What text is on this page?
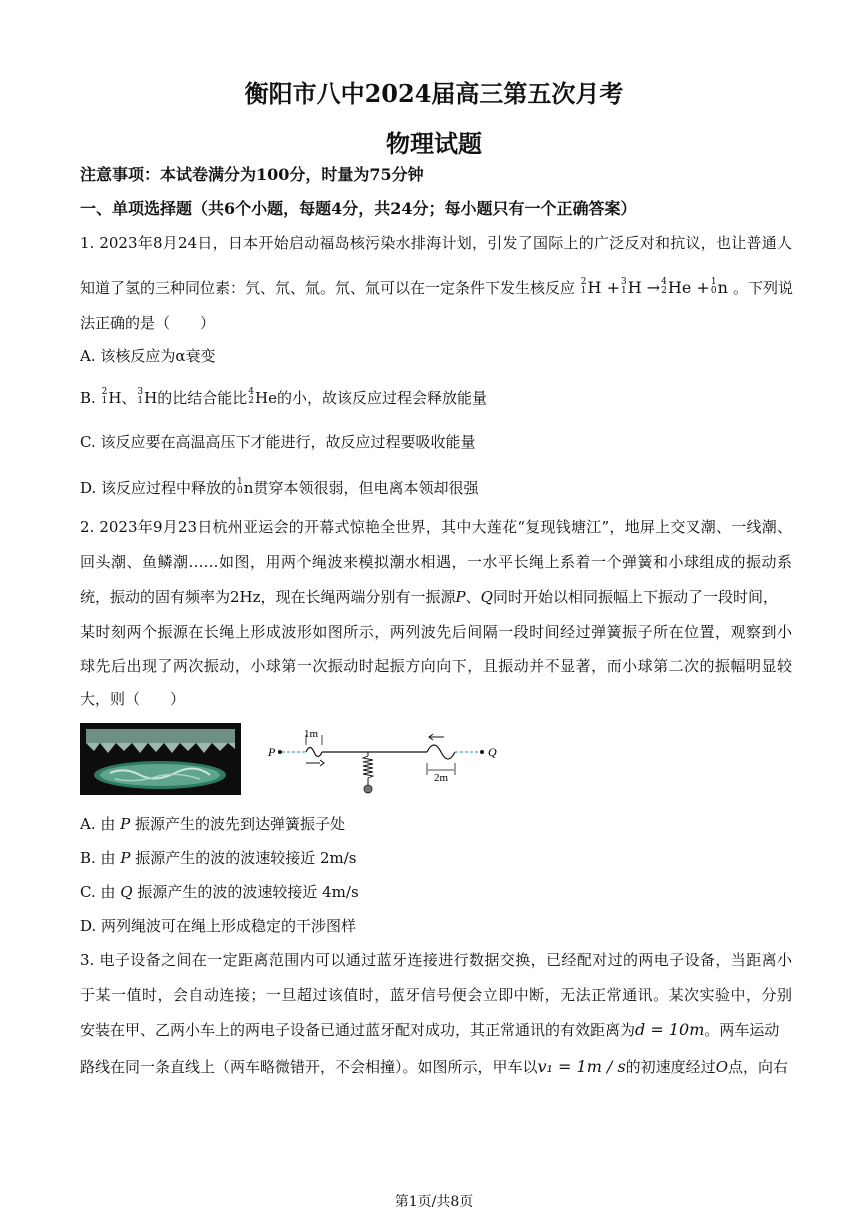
衡阳市八中2024届高三第五次月考
物理试题
注意事项：本试卷满分为100分，时量为75分钟
一、单项选择题（共6个小题，每题4分，共24分；每小题只有一个正确答案）
1. 2023年8月24日，日本开始启动福岛核污染水排海计划，引发了国际上的广泛反对和抗议，也让普通人
知道了氢的三种同位素：氕、氘、氚。氘、氚可以在一定条件下发生核反应 2
1 H + 3
1 H → 4
2 He + 1
0 n 。下列说
法正确的是（　　）
A. 该核反应为α衰变
B. 2
1 H、 3
1 H的比结合能比 4
2 He的小，故该反应过程会释放能量
C. 该反应要在高温高压下才能进行，故反应过程要吸收能量
D. 该反应过程中释放的 1
0 n贯穿本领很弱，但电离本领却很强
2. 2023年9月23日杭州亚运会的开幕式惊艳全世界，其中大莲花“复现钱塘江”，地屏上交叉潮、一线潮、
回头潮、鱼鳞潮……如图，用两个绳波来模拟潮水相遇，一水平长绳上系着一个弹簧和小球组成的振动系
统，振动的固有频率为2Hz，现在长绳两端分别有一振源P、Q同时开始以相同振幅上下振动了一段时间，
某时刻两个振源在长绳上形成波形如图所示，两列波先后间隔一段时间经过弹簧振子所在位置，观察到小
球先后出现了两次振动，小球第一次振动时起振方向向下，且振动并不显著，而小球第二次的振幅明显较
大，则（　　）
P	Q
1m
2m
A. 由 P 振源产生的波先到达弹簧振子处
B. 由 P 振源产生的波的波速较接近 2m/s
C. 由 Q 振源产生的波的波速较接近 4m/s
D. 两列绳波可在绳上形成稳定的干涉图样
3. 电子设备之间在一定距离范围内可以通过蓝牙连接进行数据交换，已经配对过的两电子设备，当距离小
于某一值时，会自动连接；一旦超过该值时，蓝牙信号便会立即中断，无法正常通讯。某次实验中，分别
安装在甲、乙两小车上的两电子设备已通过蓝牙配对成功，其正常通讯的有效距离为d = 10m。两车运动
路线在同一条直线上（两车略微错开，不会相撞）。如图所示，甲车以v₁ = 1m / s的初速度经过O点，向右
第1页/共8页
